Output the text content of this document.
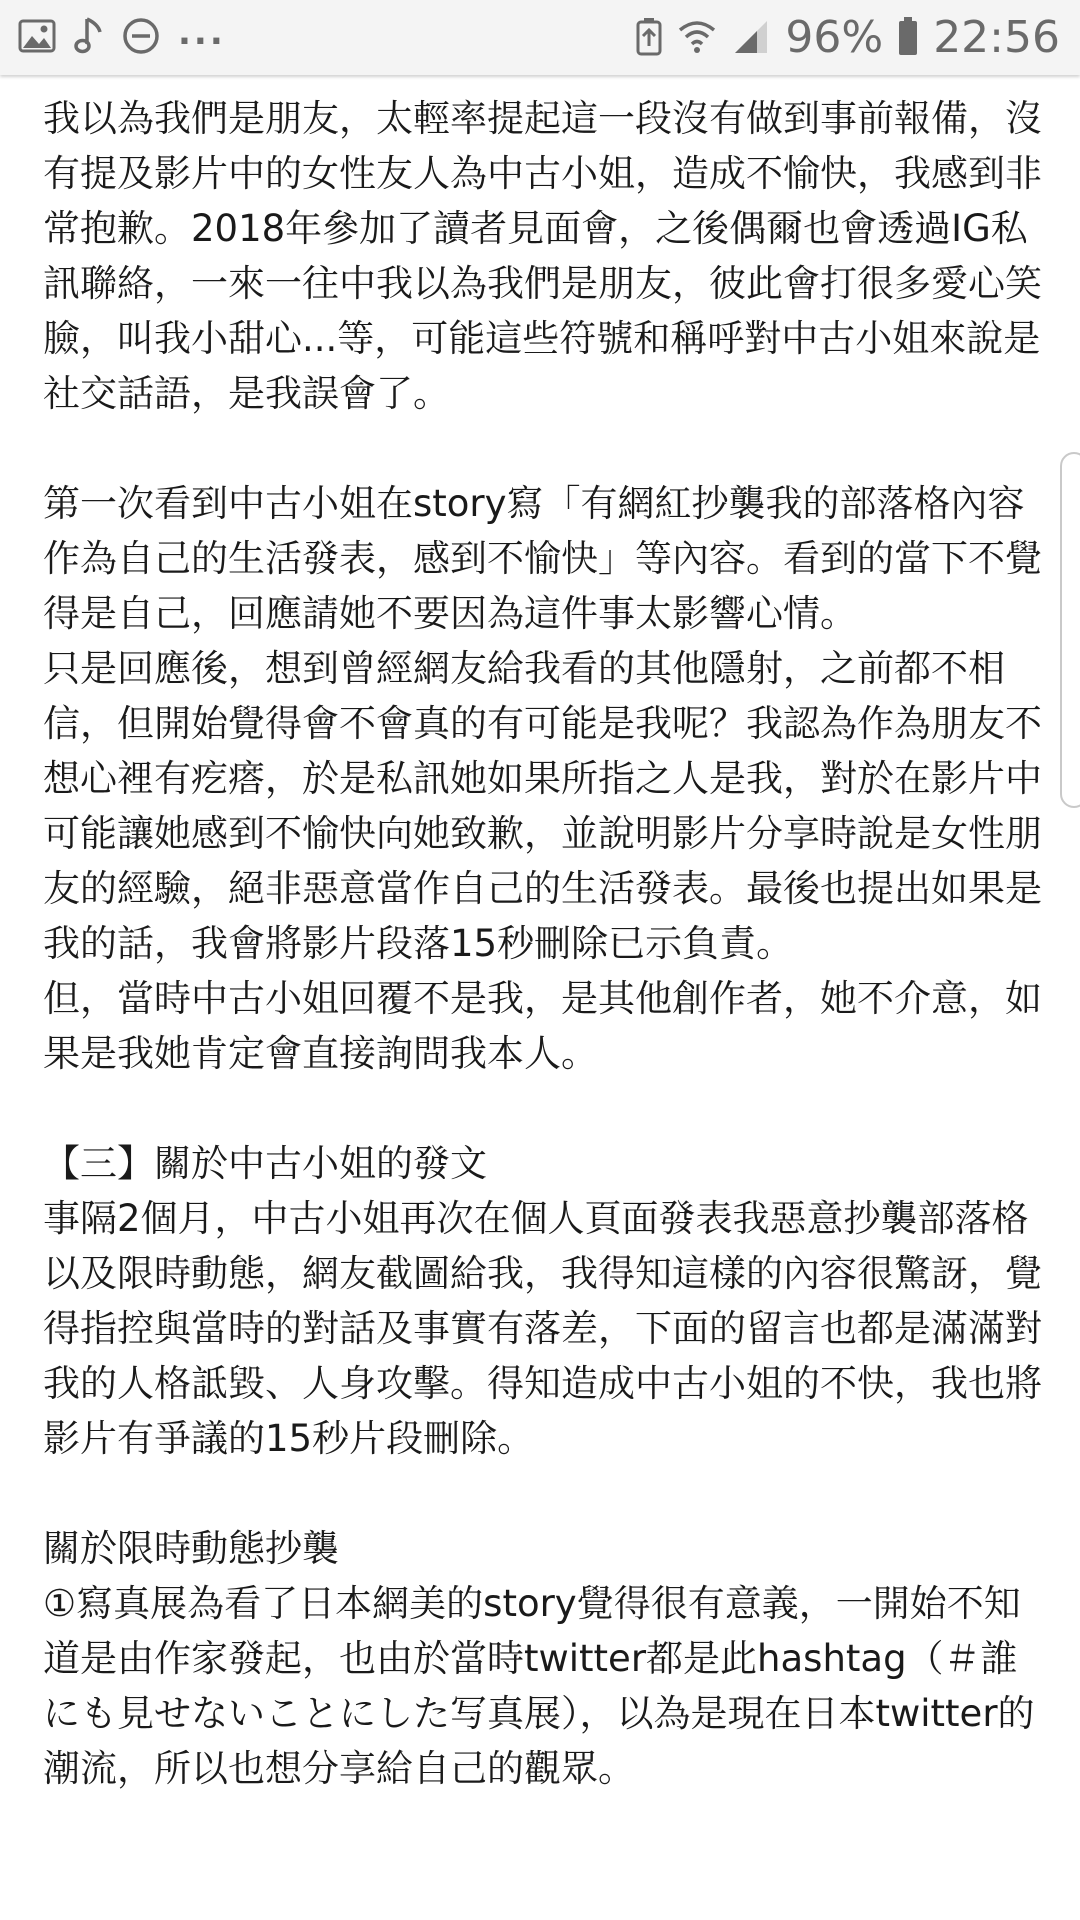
...	96% 22:56

我以為我們是朋友，太輕率提起這一段沒有做到事前報備，沒有提及影片中的女性友人為中古小姐，造成不愉快，我感到非常抱歉。2018年參加了讀者見面會，之後偶爾也會透過IG私訊聯絡，一來一往中我以為我們是朋友，彼此會打很多愛心笑臉，叫我小甜心...等，可能這些符號和稱呼對中古小姐來說是社交話語，是我誤會了。

第一次看到中古小姐在story寫「有網紅抄襲我的部落格內容作為自己的生活發表，感到不愉快」等內容。看到的當下不覺得是自己，回應請她不要因為這件事太影響心情。

只是回應後，想到曾經網友給我看的其他隱射，之前都不相信，但開始覺得會不會真的有可能是我呢？我認為作為朋友不想心裡有疙瘩，於是私訊她如果所指之人是我，對於在影片中可能讓她感到不愉快向她致歉，並說明影片分享時說是女性朋友的經驗，絕非惡意當作自己的生活發表。最後也提出如果是我的話，我會將影片段落15秒刪除已示負責。

但，當時中古小姐回覆不是我，是其他創作者，她不介意，如果是我她肯定會直接詢問我本人。

【三】關於中古小姐的發文

事隔2個月，中古小姐再次在個人頁面發表我惡意抄襲部落格以及限時動態，網友截圖給我，我得知這樣的內容很驚訝，覺得指控與當時的對話及事實有落差，下面的留言也都是滿滿對我的人格詆毀、人身攻擊。得知造成中古小姐的不快，我也將影片有爭議的15秒片段刪除。

關於限時動態抄襲

①寫真展為看了日本網美的story覺得很有意義，一開始不知道是由作家發起，也由於當時twitter都是此hashtag（＃誰にも見せないことにした写真展），以為是現在日本twitter的潮流，所以也想分享給自己的觀眾。
